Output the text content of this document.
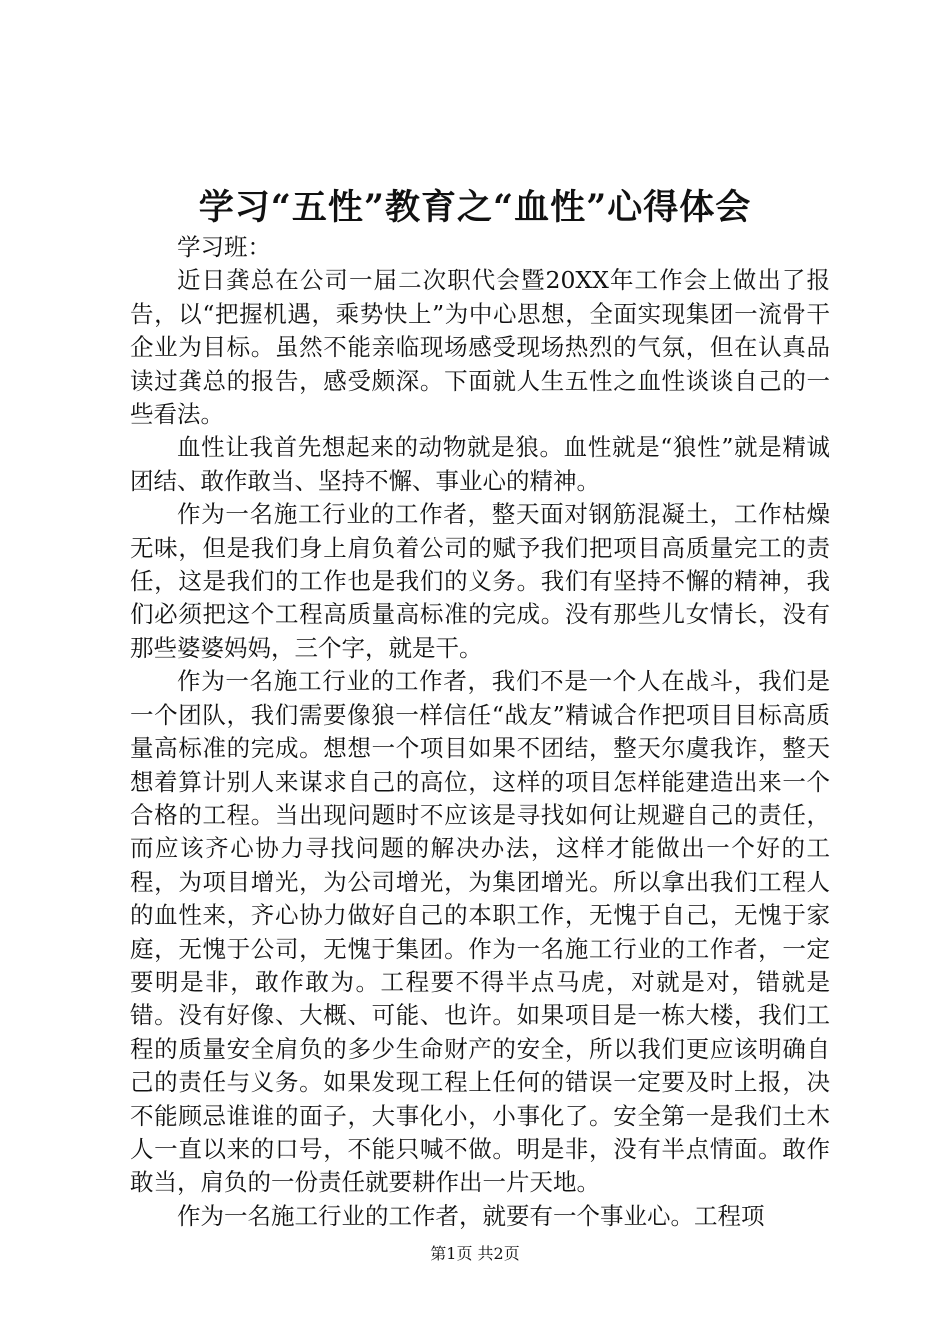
学习“五性”教育之“血性”心得体会

学习班：

近日龚总在公司一届二次职代会暨20XX年工作会上做出了报告，以“把握机遇，乘势快上”为中心思想，全面实现集团一流骨干企业为目标。虽然不能亲临现场感受现场热烈的气氛，但在认真品读过龚总的报告，感受颇深。下面就人生五性之血性谈谈自己的一些看法。

血性让我首先想起来的动物就是狼。血性就是“狼性”就是精诚团结、敢作敢当、坚持不懈、事业心的精神。

作为一名施工行业的工作者，整天面对钢筋混凝土，工作枯燥无味，但是我们身上肩负着公司的赋予我们把项目高质量完工的责任，这是我们的工作也是我们的义务。我们有坚持不懈的精神，我们必须把这个工程高质量高标准的完成。没有那些儿女情长，没有那些婆婆妈妈，三个字，就是干。

作为一名施工行业的工作者，我们不是一个人在战斗，我们是一个团队，我们需要像狼一样信任“战友”精诚合作把项目目标高质量高标准的完成。想想一个项目如果不团结，整天尔虞我诈，整天想着算计别人来谋求自己的高位，这样的项目怎样能建造出来一个合格的工程。当出现问题时不应该是寻找如何让规避自己的责任，而应该齐心协力寻找问题的解决办法，这样才能做出一个好的工程，为项目增光，为公司增光，为集团增光。所以拿出我们工程人的血性来，齐心协力做好自己的本职工作，无愧于自己，无愧于家庭，无愧于公司，无愧于集团。作为一名施工行业的工作者，一定要明是非，敢作敢为。工程要不得半点马虎，对就是对，错就是错。没有好像、大概、可能、也许。如果项目是一栋大楼，我们工程的质量安全肩负的多少生命财产的安全，所以我们更应该明确自己的责任与义务。如果发现工程上任何的错误一定要及时上报，决不能顾忌谁谁的面子，大事化小，小事化了。安全第一是我们土木人一直以来的口号，不能只喊不做。明是非，没有半点情面。敢作敢当，肩负的一份责任就要耕作出一片天地。

作为一名施工行业的工作者，就要有一个事业心。工程项

第1页 共2页
